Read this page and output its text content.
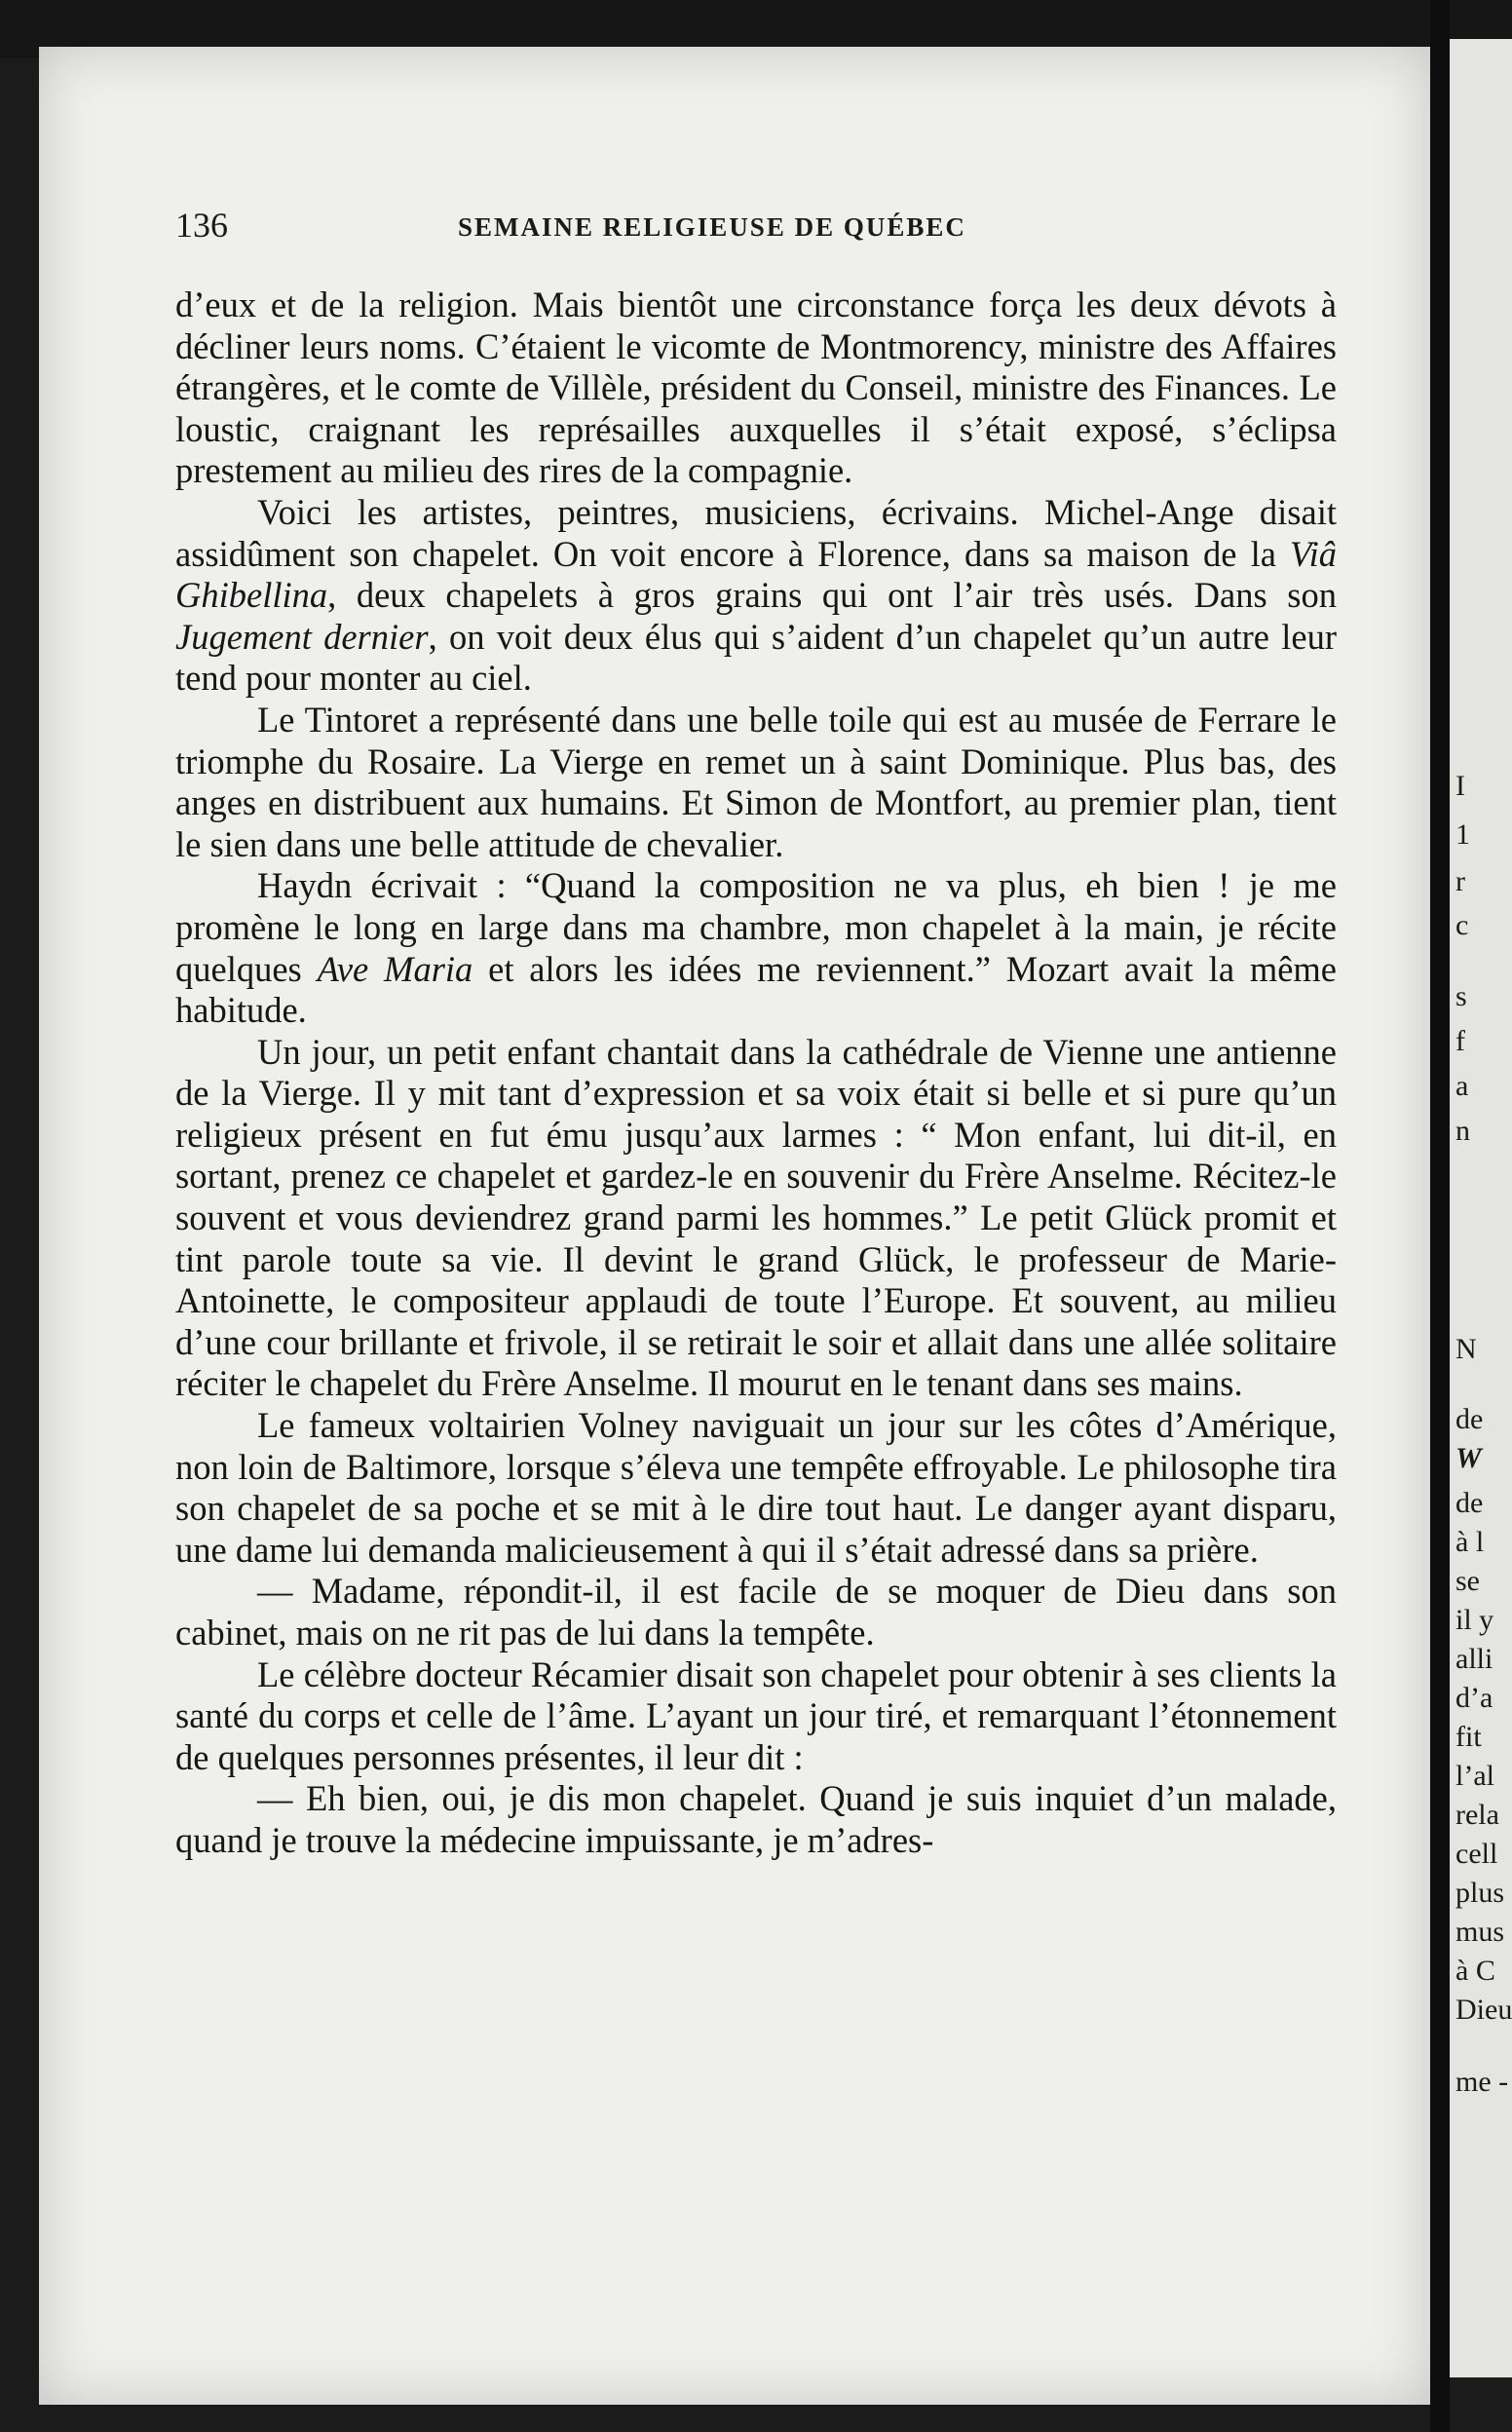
136	SEMAINE RELIGIEUSE DE QUÉBEC

d’eux et de la religion. Mais bientôt une circonstance força les deux dévots à décliner leurs noms. C’étaient le vicomte de Montmorency, ministre des Affaires étrangères, et le comte de Villèle, président du Conseil, ministre des Finances. Le loustic, craignant les représailles auxquelles il s’était exposé, s’éclipsa prestement au milieu des rires de la compagnie.

Voici les artistes, peintres, musiciens, écrivains. Michel-Ange disait assidûment son chapelet. On voit encore à Florence, dans sa maison de la Viâ Ghibellina, deux chapelets à gros grains qui ont l’air très usés. Dans son Jugement dernier, on voit deux élus qui s’aident d’un chapelet qu’un autre leur tend pour monter au ciel.

Le Tintoret a représenté dans une belle toile qui est au musée de Ferrare le triomphe du Rosaire. La Vierge en remet un à saint Dominique. Plus bas, des anges en distribuent aux humains. Et Simon de Montfort, au premier plan, tient le sien dans une belle attitude de chevalier.

Haydn écrivait : “Quand la composition ne va plus, eh bien ! je me promène le long en large dans ma chambre, mon chapelet à la main, je récite quelques Ave Maria et alors les idées me reviennent.” Mozart avait la même habitude.

Un jour, un petit enfant chantait dans la cathédrale de Vienne une antienne de la Vierge. Il y mit tant d’expression et sa voix était si belle et si pure qu’un religieux présent en fut ému jusqu’aux larmes : “ Mon enfant, lui dit-il, en sortant, prenez ce chapelet et gardez-le en souvenir du Frère Anselme. Récitez-le souvent et vous deviendrez grand parmi les hommes.” Le petit Glück promit et tint parole toute sa vie. Il devint le grand Glück, le professeur de Marie-Antoinette, le compositeur applaudi de toute l’Europe. Et souvent, au milieu d’une cour brillante et frivole, il se retirait le soir et allait dans une allée solitaire réciter le chapelet du Frère Anselme. Il mourut en le tenant dans ses mains.

Le fameux voltairien Volney naviguait un jour sur les côtes d’Amérique, non loin de Baltimore, lorsque s’éleva une tempête effroyable. Le philosophe tira son chapelet de sa poche et se mit à le dire tout haut. Le danger ayant disparu, une dame lui demanda malicieusement à qui il s’était adressé dans sa prière.

— Madame, répondit-il, il est facile de se moquer de Dieu dans son cabinet, mais on ne rit pas de lui dans la tempête.

Le célèbre docteur Récamier disait son chapelet pour obtenir à ses clients la santé du corps et celle de l’âme. L’ayant un jour tiré, et remarquant l’étonnement de quelques personnes présentes, il leur dit :

— Eh bien, oui, je dis mon chapelet. Quand je suis inquiet d’un malade, quand je trouve la médecine impuissante, je m’adres-

I
1
r
c
s
f
a
n
N
de
W
de
à l
se
il y
alli
d’a
fit
l’al
rela
cell
plus
mus
à C
Dieu
me -
